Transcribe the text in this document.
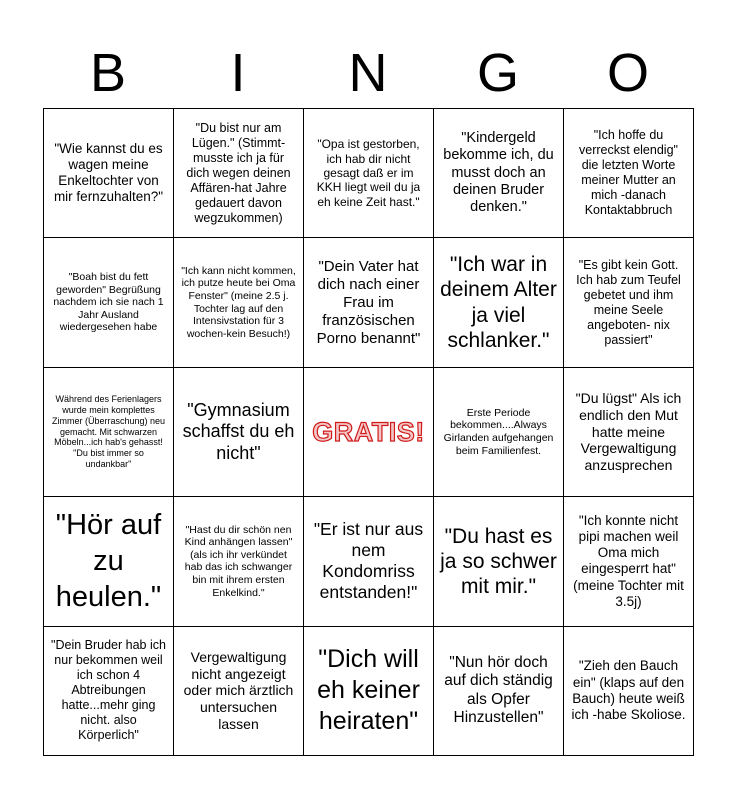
B	I	N	G	O
"Wie kannst du es wagen meine Enkeltochter von mir fernzuhalten?"	"Du bist nur am Lügen." (Stimmt- musste ich ja für dich wegen deinen Affären-hat Jahre gedauert davon wegzukommen)	"Opa ist gestorben, ich hab dir nicht gesagt daß er im KKH liegt weil du ja eh keine Zeit hast."	"Kindergeld bekomme ich, du musst doch an deinen Bruder denken."	"Ich hoffe du verreckst elendig" die letzten Worte meiner Mutter an mich -danach Kontaktabbruch
"Boah bist du fett geworden" Begrüßung nachdem ich sie nach 1 Jahr Ausland wiedergesehen habe	"Ich kann nicht kommen, ich putze heute bei Oma Fenster" (meine 2.5 j. Tochter lag auf den Intensivstation für 3 wochen-kein Besuch!)	"Dein Vater hat dich nach einer Frau im französischen Porno benannt"	"Ich war in deinem Alter ja viel schlanker."	"Es gibt kein Gott. Ich hab zum Teufel gebetet und ihm meine Seele angeboten- nix passiert"
Während des Ferienlagers wurde mein komplettes Zimmer (Überraschung) neu gemacht. Mit schwarzen Möbeln...ich hab's gehasst! "Du bist immer so undankbar"	"Gymnasium schaffst du eh nicht"	GRATIS!	Erste Periode bekommen....Always Girlanden aufgehangen beim Familienfest.	"Du lügst" Als ich endlich den Mut hatte meine Vergewaltigung anzusprechen
"Hör auf zu heulen."	"Hast du dir schön nen Kind anhängen lassen" (als ich ihr verkündet hab das ich schwanger bin mit ihrem ersten Enkelkind."	"Er ist nur aus nem Kondomriss entstanden!"	"Du hast es ja so schwer mit mir."	"Ich konnte nicht pipi machen weil Oma mich eingesperrt hat" (meine Tochter mit 3.5j)
"Dein Bruder hab ich nur bekommen weil ich schon 4 Abtreibungen hatte...mehr ging nicht. also Körperlich"	Vergewaltigung nicht angezeigt oder mich ärztlich untersuchen lassen	"Dich will eh keiner heiraten"	"Nun hör doch auf dich ständig als Opfer Hinzustellen"	"Zieh den Bauch ein" (klaps auf den Bauch) heute weiß ich -habe Skoliose.
